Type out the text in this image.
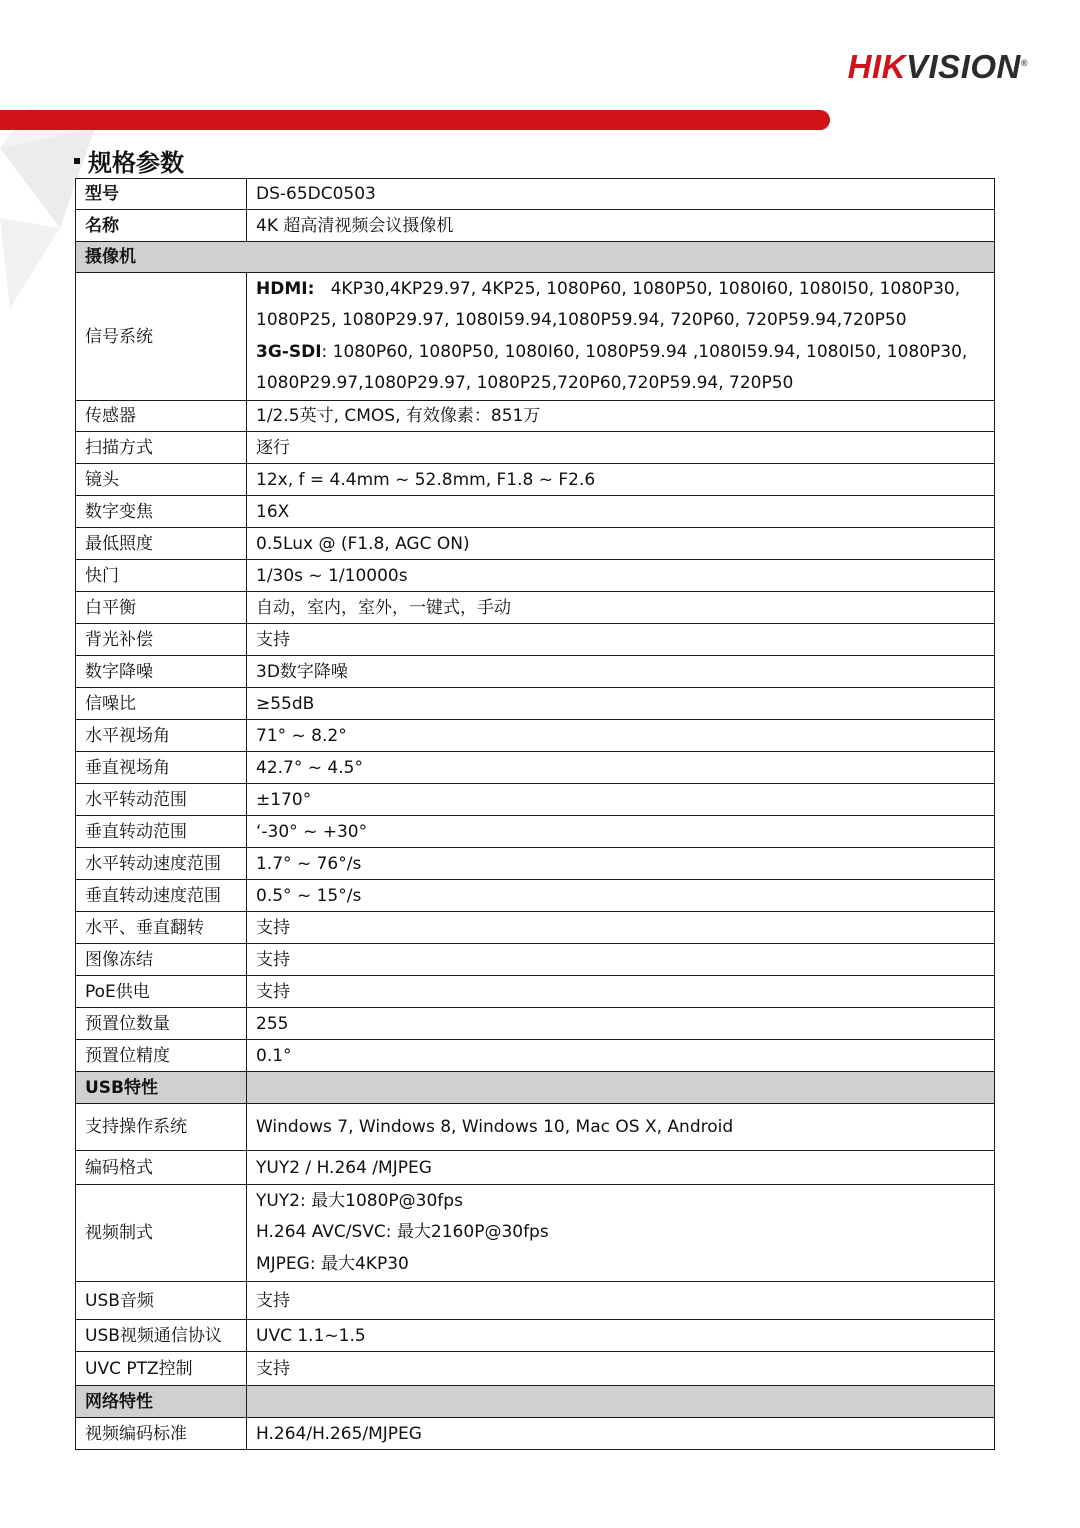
HIKVISION®
规格参数
型号	DS-65DC0503
名称	4K 超高清视频会议摄像机
摄像机	
信号系统	HDMI: 4KP30,4KP29.97, 4KP25, 1080P60, 1080P50, 1080I60, 1080I50, 1080P30,
1080P25, 1080P29.97, 1080I59.94,1080P59.94, 720P60, 720P59.94,720P50
3G-SDI: 1080P60, 1080P50, 1080I60, 1080P59.94 ,1080I59.94, 1080I50, 1080P30,
1080P29.97,1080P29.97, 1080P25,720P60,720P59.94, 720P50

传感器	1/2.5英寸, CMOS, 有效像素：851万
扫描方式	逐行
镜头	12x, f = 4.4mm ~ 52.8mm, F1.8 ~ F2.6
数字变焦	16X
最低照度	0.5Lux @ (F1.8, AGC ON)
快门	1/30s ~ 1/10000s
白平衡	自动，室内，室外，一键式，手动
背光补偿	支持
数字降噪	3D数字降噪
信噪比	≥55dB
水平视场角	71° ~ 8.2°
垂直视场角	42.7° ~ 4.5°
水平转动范围	±170°
垂直转动范围	‘-30° ~ +30°
水平转动速度范围	1.7° ~ 76°/s
垂直转动速度范围	0.5° ~ 15°/s
水平、垂直翻转	支持
图像冻结	支持
PoE供电	支持
预置位数量	255
预置位精度	0.1°
USB特性	
支持操作系统	Windows 7, Windows 8, Windows 10, Mac OS X, Android
编码格式	YUY2 / H.264 /MJPEG
视频制式	YUY2: 最大1080P@30fps
H.264 AVC/SVC: 最大2160P@30fps
MJPEG: 最大4KP30

USB音频	支持
USB视频通信协议	UVC 1.1~1.5
UVC PTZ控制	支持
网络特性	
视频编码标准	H.264/H.265/MJPEG
